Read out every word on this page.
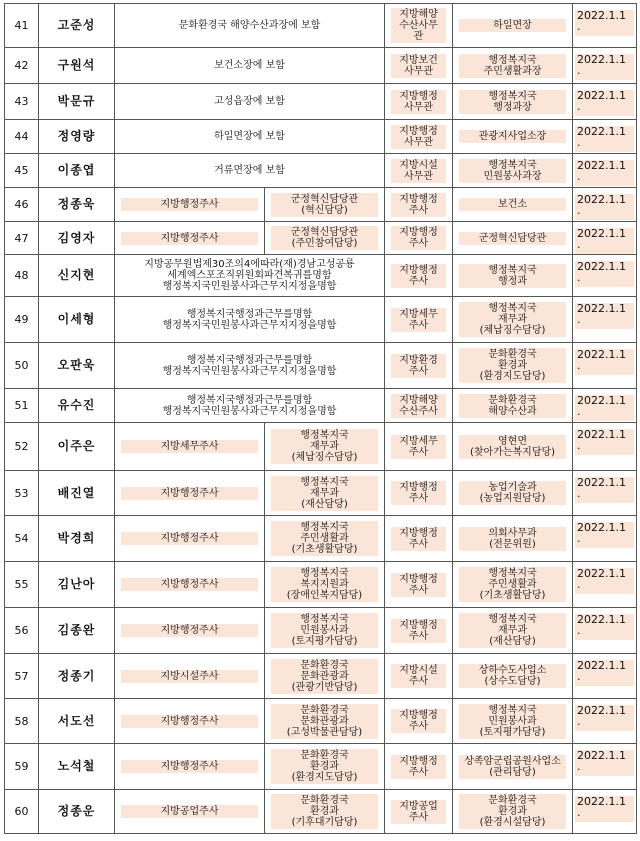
41	고준성	문화환경국 해양수산과장에 보함		지방해양
수산사무
관	하일면장	2022.1.1
.

42	구원석	보건소장에 보함		지방보건
사무관	행정복지국
주민생활과장	2022.1.1
.

43	박문규	고성읍장에 보함		지방행정
사무관	행정복지국
행정과장	2022.1.1
.

44	정영량	하일면장에 보함		지방행정
사무관	관광지사업소장	2022.1.1
.

45	이종엽	거류면장에 보함		지방시설
사무관	행정복지국
민원봉사과장	2022.1.1
.

46	정종욱	지방행정주사	군정혁신담당관
(혁신담당)	지방행정
주사	보건소	2022.1.1
.

47	김영자	지방행정주사	군정혁신담당관
(주민참여담당)	지방행정
주사	군정혁신담당관	2022.1.1
.

48	신지현	지방공무원법제30조의4에따라(재)경남고성공룡
세계엑스포조직위원회파견복귀를명함
행정복지국민원봉사과근무지지정을명함		지방행정
주사	행정복지국
행정과	2022.1.1
.

49	이세형	행정복지국행정과근무를명함
행정복지국민원봉사과근무지지정을명함		지방세무
주사	행정복지국
재무과
(체납징수담당)	2022.1.1
.

50	오판욱	행정복지국행정과근무를명함
행정복지국민원봉사과근무지지정을명함		지방환경
주사	문화환경국
환경과
(환경지도담당)	2022.1.1
.

51	유수진	행정복지국행정과근무를명함
행정복지국민원봉사과근무지지정을명함		지방해양
수산주사	문화환경국
해양수산과	2022.1.1
.

52	이주은	지방세무주사	행정복지국
재무과
(체납징수담당)	지방세무
주사	영현면
(찾아가는복지담당)	2022.1.1
.

53	배진열	지방행정주사	행정복지국
재무과
(재산담당)	지방행정
주사	농업기술과
(농업지원담당)	2022.1.1
.

54	박경희	지방행정주사	행정복지국
주민생활과
(기초생활담당)	지방행정
주사	의회사무과
(전문위원)	2022.1.1
.

55	김난아	지방행정주사	행정복지국
복지지원과
(장애인복지담당)	지방행정
주사	행정복지국
주민생활과
(기초생활담당)	2022.1.1
.

56	김종완	지방행정주사	행정복지국
민원봉사과
(토지평가담당)	지방행정
주사	행정복지국
재무과
(재산담당)	2022.1.1
.

57	정종기	지방시설주사	문화환경국
문화관광과
(관광기반담당)	지방시설
주사	상하수도사업소
(상수도담당)	2022.1.1
.

58	서도선	지방행정주사	문화환경국
문화관광과
(고성박물관담당)	지방행정
주사	행정복지국
민원봉사과
(토지평가담당)	2022.1.1
.

59	노석철	지방행정주사	문화환경국
환경과
(환경지도담당)	지방행정
주사	상족암군립공원사업소
(관리담당)	2022.1.1
.

60	정종운	지방공업주사	문화환경국
환경과
(기후대기담당)	지방공업
주사	문화환경국
환경과
(환경시설담당)	2022.1.1
.
